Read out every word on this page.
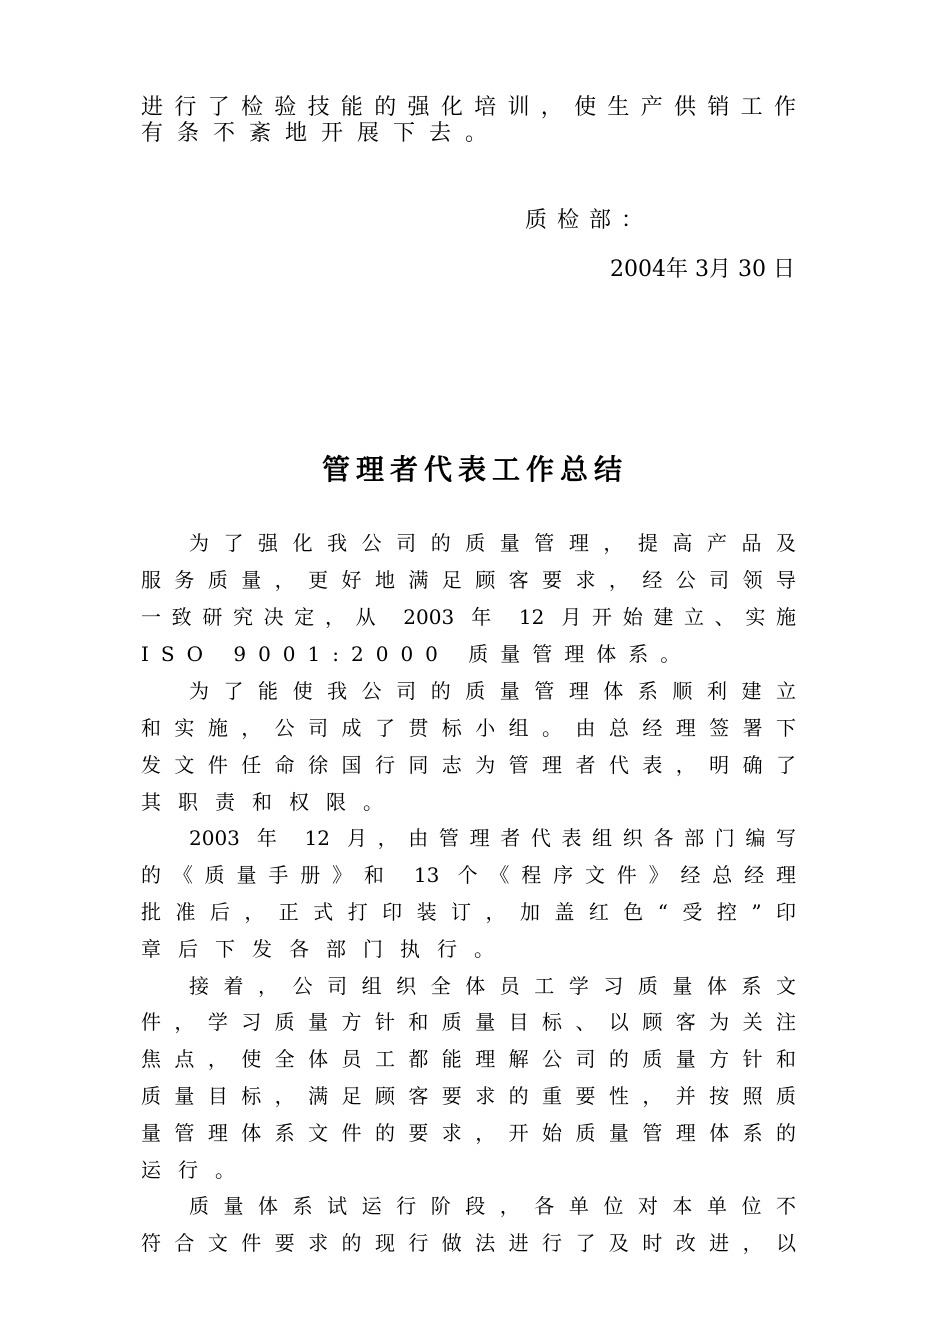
进行了检验技能的强化培训，使生产供销工作
有条不紊地开展下去。
质检部：
2004年 3月 30 日
管理者代表工作总结
为了强化我公司的质量管理，提高产品及
服务质量，更好地满足顾客要求，经公司领导
一致研究决定，从 2003 年 12 月开始建立、实施
ISO 9001:2000 质量管理体系。
为了能使我公司的质量管理体系顺利建立
和实施，公司成了贯标小组。由总经理签署下
发文件任命徐国行同志为管理者代表，明确了
其职责和权限。
2003 年 12 月，由管理者代表组织各部门编写
的《质量手册》和 13 个《程序文件》经总经理
批准后，正式打印装订，加盖红色“受控”印
章后下发各部门执行。
接着，公司组织全体员工学习质量体系文
件，学习质量方针和质量目标、以顾客为关注
焦点，使全体员工都能理解公司的质量方针和
质量目标，满足顾客要求的重要性，并按照质
量管理体系文件的要求，开始质量管理体系的
运行。
质量体系试运行阶段，各单位对本单位不
符合文件要求的现行做法进行了及时改进，以
